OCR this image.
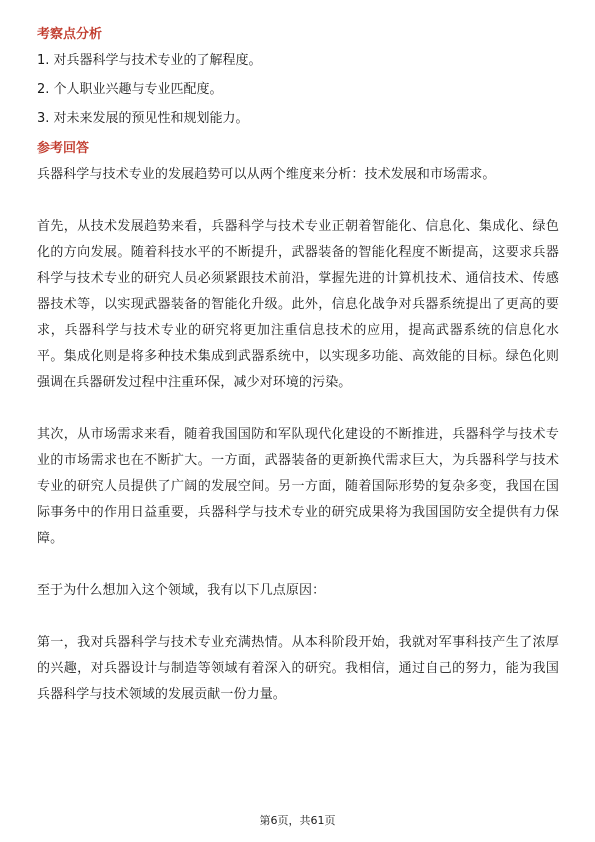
考察点分析
1. 对兵器科学与技术专业的了解程度。
2. 个人职业兴趣与专业匹配度。
3. 对未来发展的预见性和规划能力。
参考回答

兵器科学与技术专业的发展趋势可以从两个维度来分析：技术发展和市场需求。

首先，从技术发展趋势来看，兵器科学与技术专业正朝着智能化、信息化、集成化、绿色化的方向发展。随着科技水平的不断提升，武器装备的智能化程度不断提高，这要求兵器科学与技术专业的研究人员必须紧跟技术前沿，掌握先进的计算机技术、通信技术、传感器技术等，以实现武器装备的智能化升级。此外，信息化战争对兵器系统提出了更高的要求，兵器科学与技术专业的研究将更加注重信息技术的应用，提高武器系统的信息化水平。集成化则是将多种技术集成到武器系统中，以实现多功能、高效能的目标。绿色化则强调在兵器研发过程中注重环保，减少对环境的污染。

其次，从市场需求来看，随着我国国防和军队现代化建设的不断推进，兵器科学与技术专业的市场需求也在不断扩大。一方面，武器装备的更新换代需求巨大，为兵器科学与技术专业的研究人员提供了广阔的发展空间。另一方面，随着国际形势的复杂多变，我国在国际事务中的作用日益重要，兵器科学与技术专业的研究成果将为我国国防安全提供有力保障。

至于为什么想加入这个领域，我有以下几点原因：

第一，我对兵器科学与技术专业充满热情。从本科阶段开始，我就对军事科技产生了浓厚的兴趣，对兵器设计与制造等领域有着深入的研究。我相信，通过自己的努力，能为我国兵器科学与技术领域的发展贡献一份力量。

第6页，共61页
